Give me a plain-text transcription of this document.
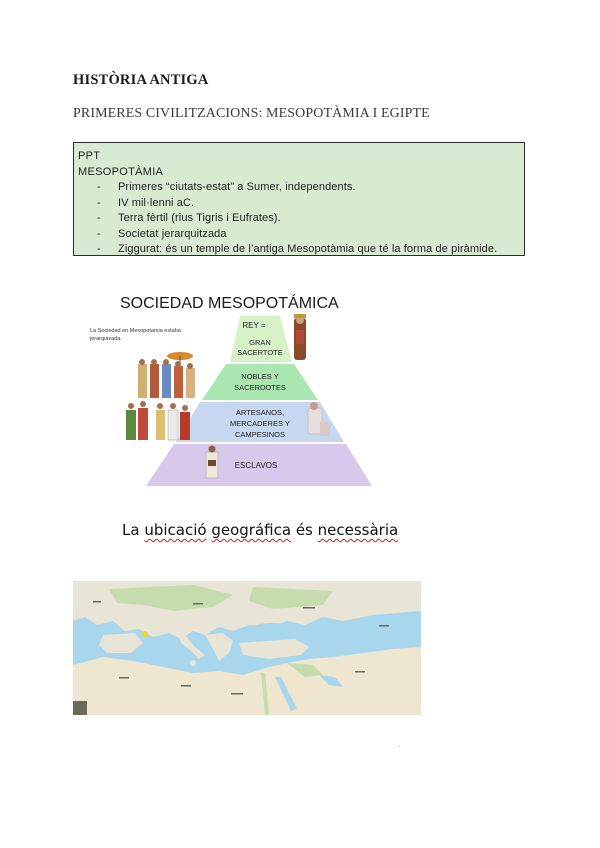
HISTÒRIA ANTIGA
PRIMERES CIVILITZACIONS: MESOPOTÀMIA I EGIPTE
PPT
MESOPOTÀMIA
- Primeres “ciutats-estat” a Sumer, independents.
- IV mil·lenni aC.
- Terra fèrtil (rius Tigris i Eufrates).
- Societat jerarquitzada
- Ziggurat: és un temple de l’antiga Mesopotàmia que té la forma de piràmide.
SOCIEDAD MESOPOTÁMICA
La Sociedad en Mesopotamia estaba
jerarquizada.
REY =
GRAN
SACERTOTE
NOBLES Y
SACERDOTES
ARTESANOS,
MERCADERES Y
CAMPESINOS
ESCLAVOS
La ubicació geográfica és necessària
·
